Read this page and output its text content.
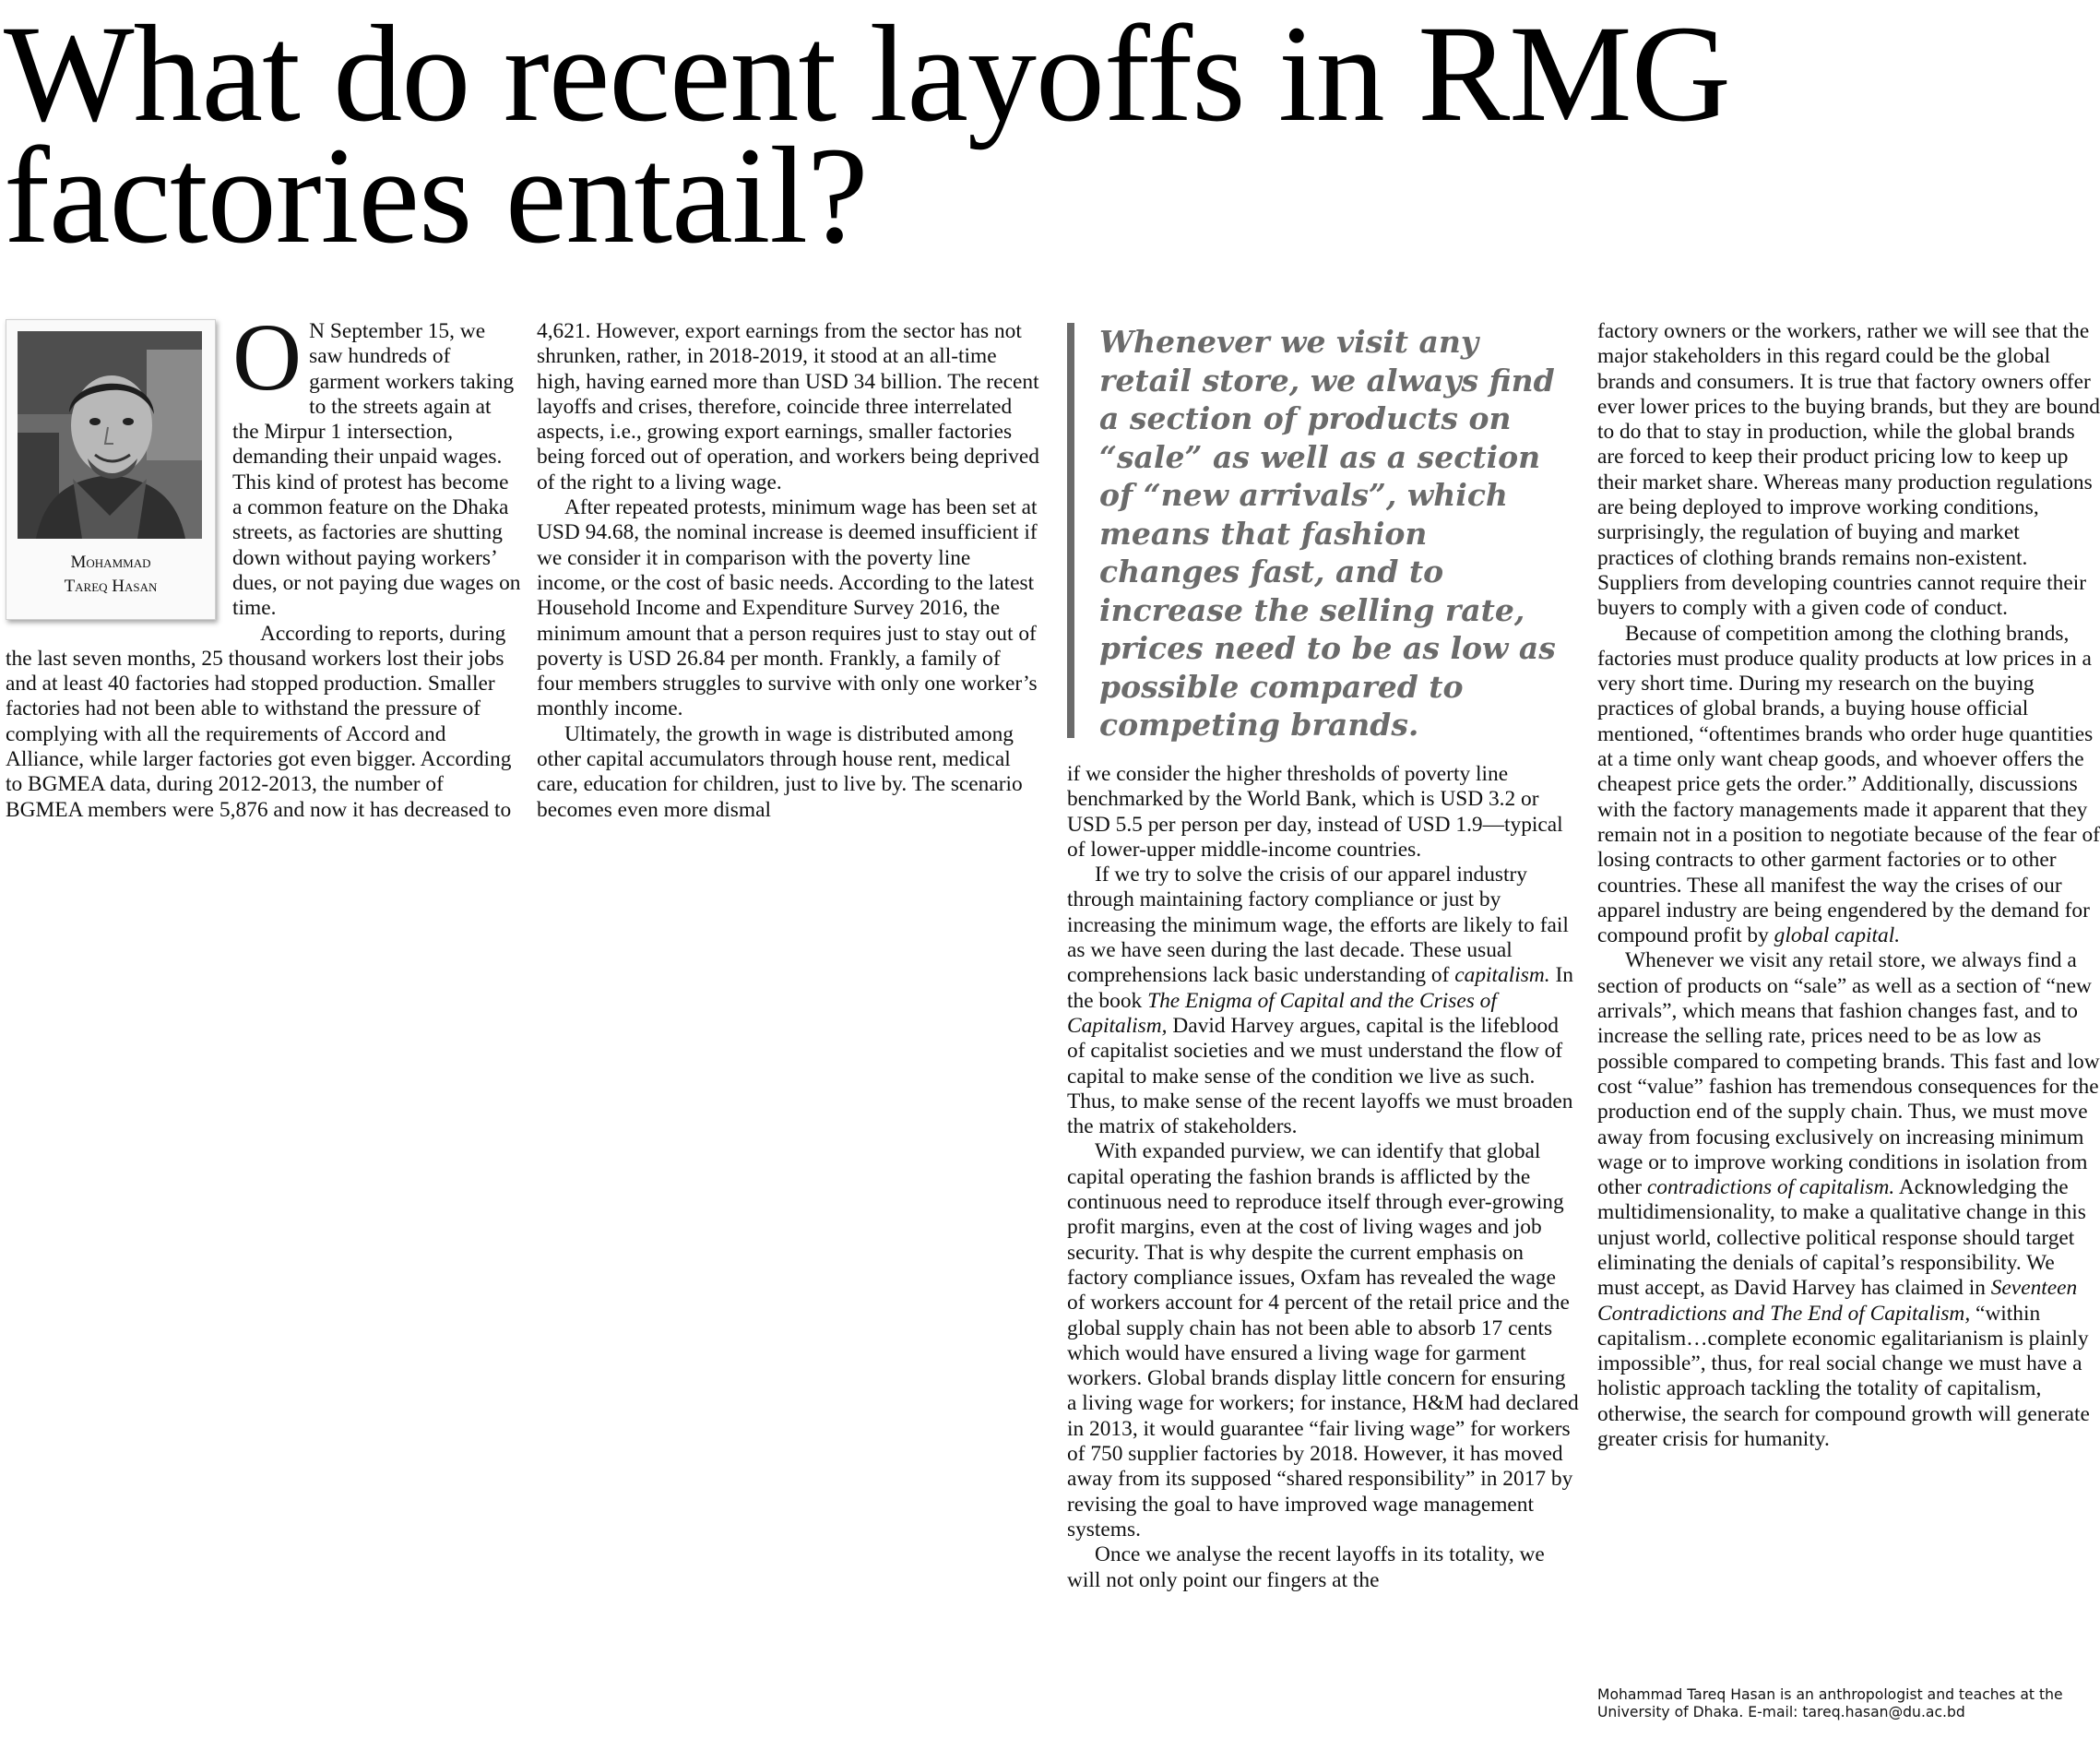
What do recent layoffs in RMG factories entail?
Mohammad
Tareq Hasan

O N September 15, we saw hundreds of garment workers taking to the streets again at the Mirpur 1 intersection, demanding their unpaid wages. This kind of protest has become a common feature on the Dhaka streets, as factories are shutting down without paying workers’ dues, or not paying due wages on time.

According to reports, during the last seven months, 25 thousand workers lost their jobs and at least 40 factories had stopped production. Smaller factories had not been able to withstand the pressure of complying with all the requirements of Accord and Alliance, while larger factories got even bigger. According to BGMEA data, during 2012-2013, the number of BGMEA members were 5,876 and now it has decreased to

4,621. However, export earnings from the sector has not shrunken, rather, in 2018-2019, it stood at an all-time high, having earned more than USD 34 billion. The recent layoffs and crises, therefore, coincide three interrelated aspects, i.e., growing export earnings, smaller factories being forced out of operation, and workers being deprived of the right to a living wage.

After repeated protests, minimum wage has been set at USD 94.68, the nominal increase is deemed insufficient if we consider it in comparison with the poverty line income, or the cost of basic needs. According to the latest Household Income and Expenditure Survey 2016, the minimum amount that a person requires just to stay out of poverty is USD 26.84 per month. Frankly, a family of four members struggles to survive with only one worker’s monthly income.

Ultimately, the growth in wage is distributed among other capital accumulators through house rent, medical care, education for children, just to live by. The scenario becomes even more dismal

Whenever we visit any retail store, we always find a section of products on “sale” as well as a section of “new arrivals”, which means that fashion changes fast, and to increase the selling rate, prices need to be as low as possible compared to competing brands.

if we consider the higher thresholds of poverty line benchmarked by the World Bank, which is USD 3.2 or USD 5.5 per person per day, instead of USD 1.9—typical of lower-upper middle-income countries.

If we try to solve the crisis of our apparel industry through maintaining factory compliance or just by increasing the minimum wage, the efforts are likely to fail as we have seen during the last decade. These usual comprehensions lack basic understanding of capitalism. In the book The Enigma of Capital and the Crises of Capitalism, David Harvey argues, capital is the lifeblood of capitalist societies and we must understand the flow of capital to make sense of the condition we live as such. Thus, to make sense of the recent layoffs we must broaden the matrix of stakeholders.

With expanded purview, we can identify that global capital operating the fashion brands is afflicted by the continuous need to reproduce itself through ever-growing profit margins, even at the cost of living wages and job security. That is why despite the current emphasis on factory compliance issues, Oxfam has revealed the wage of workers account for 4 percent of the retail price and the global supply chain has not been able to absorb 17 cents which would have ensured a living wage for garment workers. Global brands display little concern for ensuring a living wage for workers; for instance, H&M had declared in 2013, it would guarantee “fair living wage” for workers of 750 supplier factories by 2018. However, it has moved away from its supposed “shared responsibility” in 2017 by revising the goal to have improved wage management systems.

Once we analyse the recent layoffs in its totality, we will not only point our fingers at the

factory owners or the workers, rather we will see that the major stakeholders in this regard could be the global brands and consumers. It is true that factory owners offer ever lower prices to the buying brands, but they are bound to do that to stay in production, while the global brands are forced to keep their product pricing low to keep up their market share. Whereas many production regulations are being deployed to improve working conditions, surprisingly, the regulation of buying and market practices of clothing brands remains non-existent. Suppliers from developing countries cannot require their buyers to comply with a given code of conduct.

Because of competition among the clothing brands, factories must produce quality products at low prices in a very short time. During my research on the buying practices of global brands, a buying house official mentioned, “oftentimes brands who order huge quantities at a time only want cheap goods, and whoever offers the cheapest price gets the order.” Additionally, discussions with the factory managements made it apparent that they remain not in a position to negotiate because of the fear of losing contracts to other garment factories or to other countries. These all manifest the way the crises of our apparel industry are being engendered by the demand for compound profit by global capital.

Whenever we visit any retail store, we always find a section of products on “sale” as well as a section of “new arrivals”, which means that fashion changes fast, and to increase the selling rate, prices need to be as low as possible compared to competing brands. This fast and low cost “value” fashion has tremendous consequences for the production end of the supply chain. Thus, we must move away from focusing exclusively on increasing minimum wage or to improve working conditions in isolation from other contradictions of capitalism. Acknowledging the multidimensionality, to make a qualitative change in this unjust world, collective political response should target eliminating the denials of capital’s responsibility. We must accept, as David Harvey has claimed in Seventeen Contradictions and The End of Capitalism, “within capitalism…complete economic egalitarianism is plainly impossible”, thus, for real social change we must have a holistic approach tackling the totality of capitalism, otherwise, the search for compound growth will generate greater crisis for humanity.

Mohammad Tareq Hasan is an anthropologist and teaches at the University of Dhaka. E-mail: tareq.hasan@du.ac.bd
